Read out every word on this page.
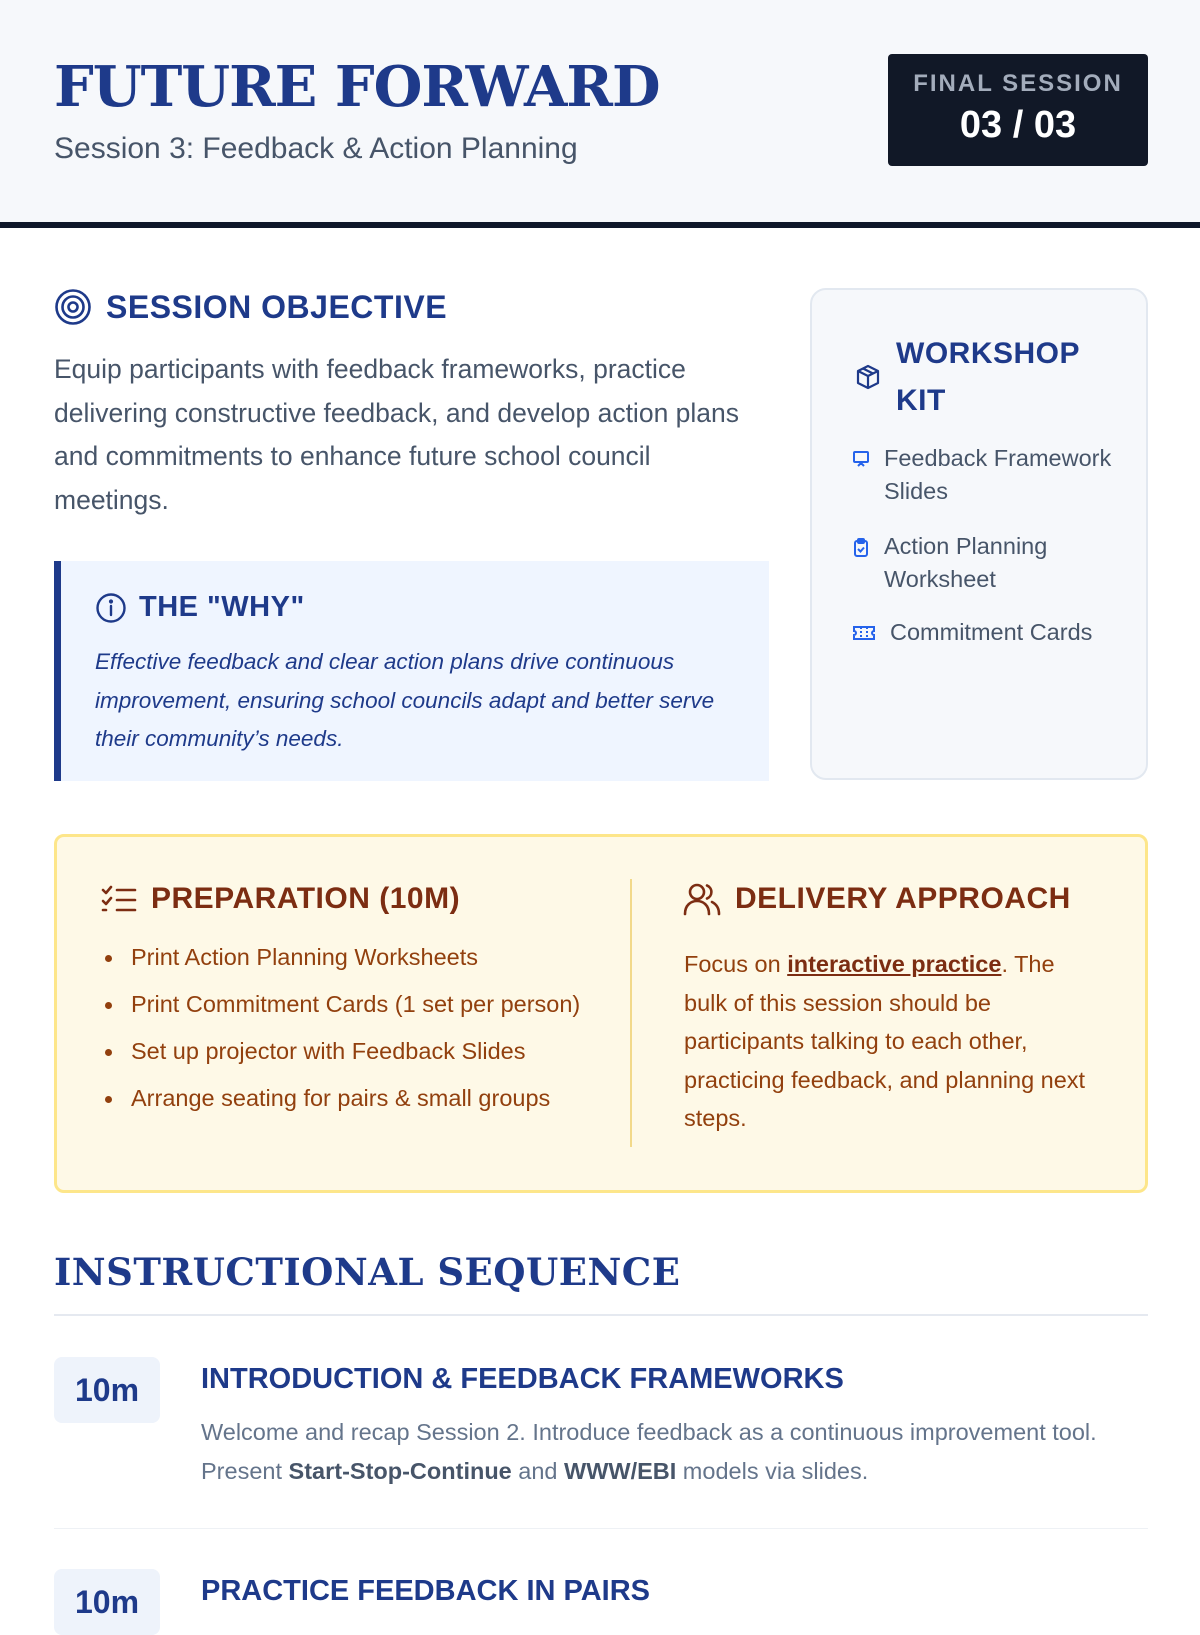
FUTURE FORWARD
Session 3: Feedback & Action Planning
FINAL SESSION
03 / 03
SESSION OBJECTIVE
Equip participants with feedback frameworks, practice delivering constructive feedback, and develop action plans and commitments to enhance future school council meetings.
THE "WHY"
Effective feedback and clear action plans drive continuous improvement, ensuring school councils adapt and better serve their community’s needs.
WORKSHOP KIT
Feedback Framework Slides
Action Planning Worksheet
Commitment Cards
PREPARATION (10M)
Print Action Planning Worksheets
Print Commitment Cards (1 set per person)
Set up projector with Feedback Slides
Arrange seating for pairs & small groups
DELIVERY APPROACH
Focus on interactive practice. The bulk of this session should be participants talking to each other, practicing feedback, and planning next steps.
INSTRUCTIONAL SEQUENCE
10m	INTRODUCTION & FEEDBACK FRAMEWORKS
Welcome and recap Session 2. Introduce feedback as a continuous improvement tool. Present Start-Stop-Continue and WWW/EBI models via slides.
10m	PRACTICE FEEDBACK IN PAIRS
